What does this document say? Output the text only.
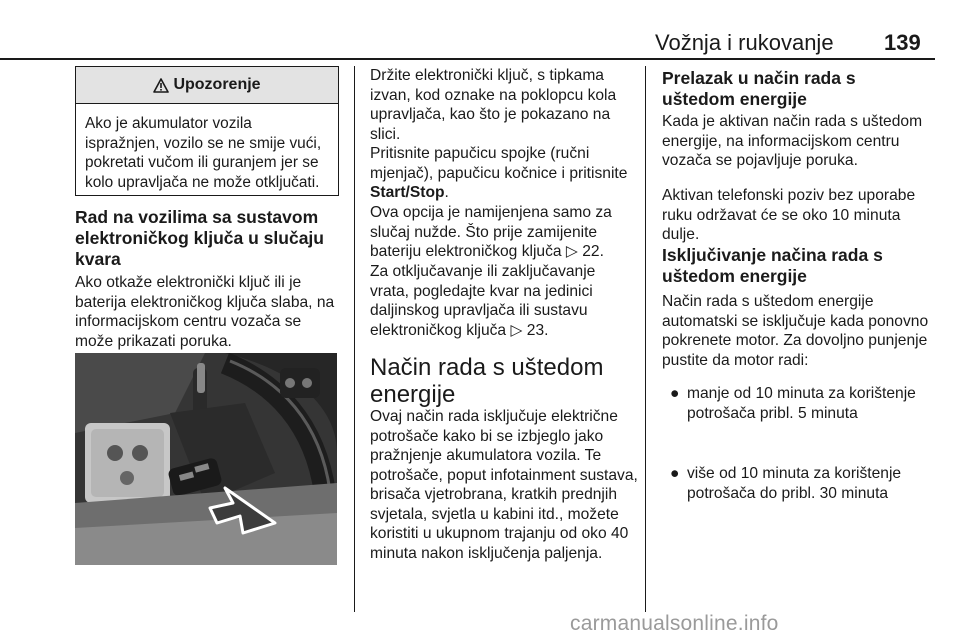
Vožnja i rukovanje 139
Upozorenje
Ako je akumulator vozila ispražnjen, vozilo se ne smije vući, pokretati vučom ili guranjem jer se kolo upravljača ne može otključati.
Rad na vozilima sa sustavom elektroničkog ključa u slučaju kvara

Ako otkaže elektronički ključ ili je baterija elektroničkog ključa slaba, na informacijskom centru vozača se može prikazati poruka.

Držite elektronički ključ, s tipkama izvan, kod oznake na poklopcu kola upravljača, kao što je pokazano na slici.

Pritisnite papučicu spojke (ručni mjenjač), papučicu kočnice i pritisnite Start/Stop.

Ova opcija je namijenjena samo za slučaj nužde. Što prije zamijenite bateriju elektroničkog ključa ▷ 22.

Za otključavanje ili zaključavanje vrata, pogledajte kvar na jedinici daljinskog upravljača ili sustavu elektroničkog ključa ▷ 23.

Način rada s uštedom energije

Ovaj način rada isključuje električne potrošače kako bi se izbjeglo jako pražnjenje akumulatora vozila. Te potrošače, poput infotainment sustava, brisača vjetrobrana, kratkih prednjih svjetala, svjetla u kabini itd., možete koristiti u ukupnom trajanju od oko 40 minuta nakon isključenja paljenja.

Prelazak u način rada s uštedom energije

Kada je aktivan način rada s uštedom energije, na informacijskom centru vozača se pojavljuje poruka.

Aktivan telefonski poziv bez uporabe ruku održavat će se oko 10 minuta dulje.

Isključivanje načina rada s uštedom energije

Način rada s uštedom energije automatski se isključuje kada ponovno pokrenete motor. Za dovoljno punjenje pustite da motor radi:

● manje od 10 minuta za korištenje potrošača pribl. 5 minuta
● više od 10 minuta za korištenje potrošača do pribl. 30 minuta
carmanualsonline.info
